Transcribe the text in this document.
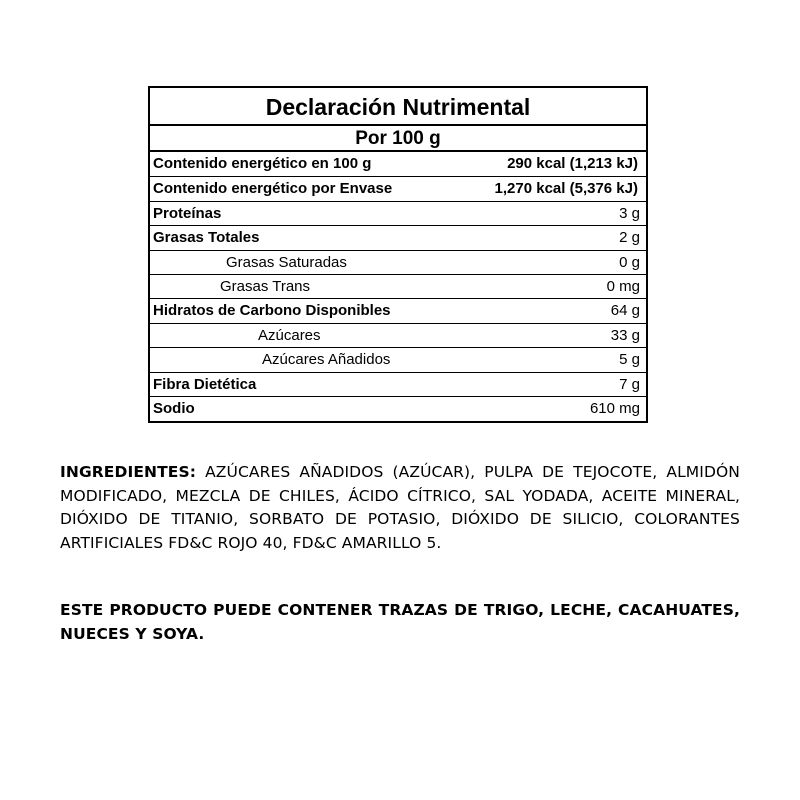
Declaración Nutrimental
Por 100 g
Contenido energético en 100 g	290 kcal (1,213 kJ)
Contenido energético por Envase	1,270 kcal (5,376 kJ)
Proteínas	3 g
Grasas Totales	2 g
Grasas Saturadas	0 g
Grasas Trans	0 mg
Hidratos de Carbono Disponibles	64 g
Azúcares	33 g
Azúcares Añadidos	5 g
Fibra Dietética	7 g
Sodio	610 mg
INGREDIENTES: AZÚCARES AÑADIDOS (AZÚCAR), PULPA DE TEJOCOTE, ALMIDÓN MODIFICADO, MEZCLA DE CHILES, ÁCIDO CÍTRICO, SAL YODADA, ACEITE MINERAL, DIÓXIDO DE TITANIO, SORBATO DE POTASIO, DIÓXIDO DE SILICIO, COLORANTES ARTIFICIALES FD&C ROJO 40, FD&C AMARILLO 5.
ESTE PRODUCTO PUEDE CONTENER TRAZAS DE TRIGO, LECHE, CACAHUATES, NUECES Y SOYA.
